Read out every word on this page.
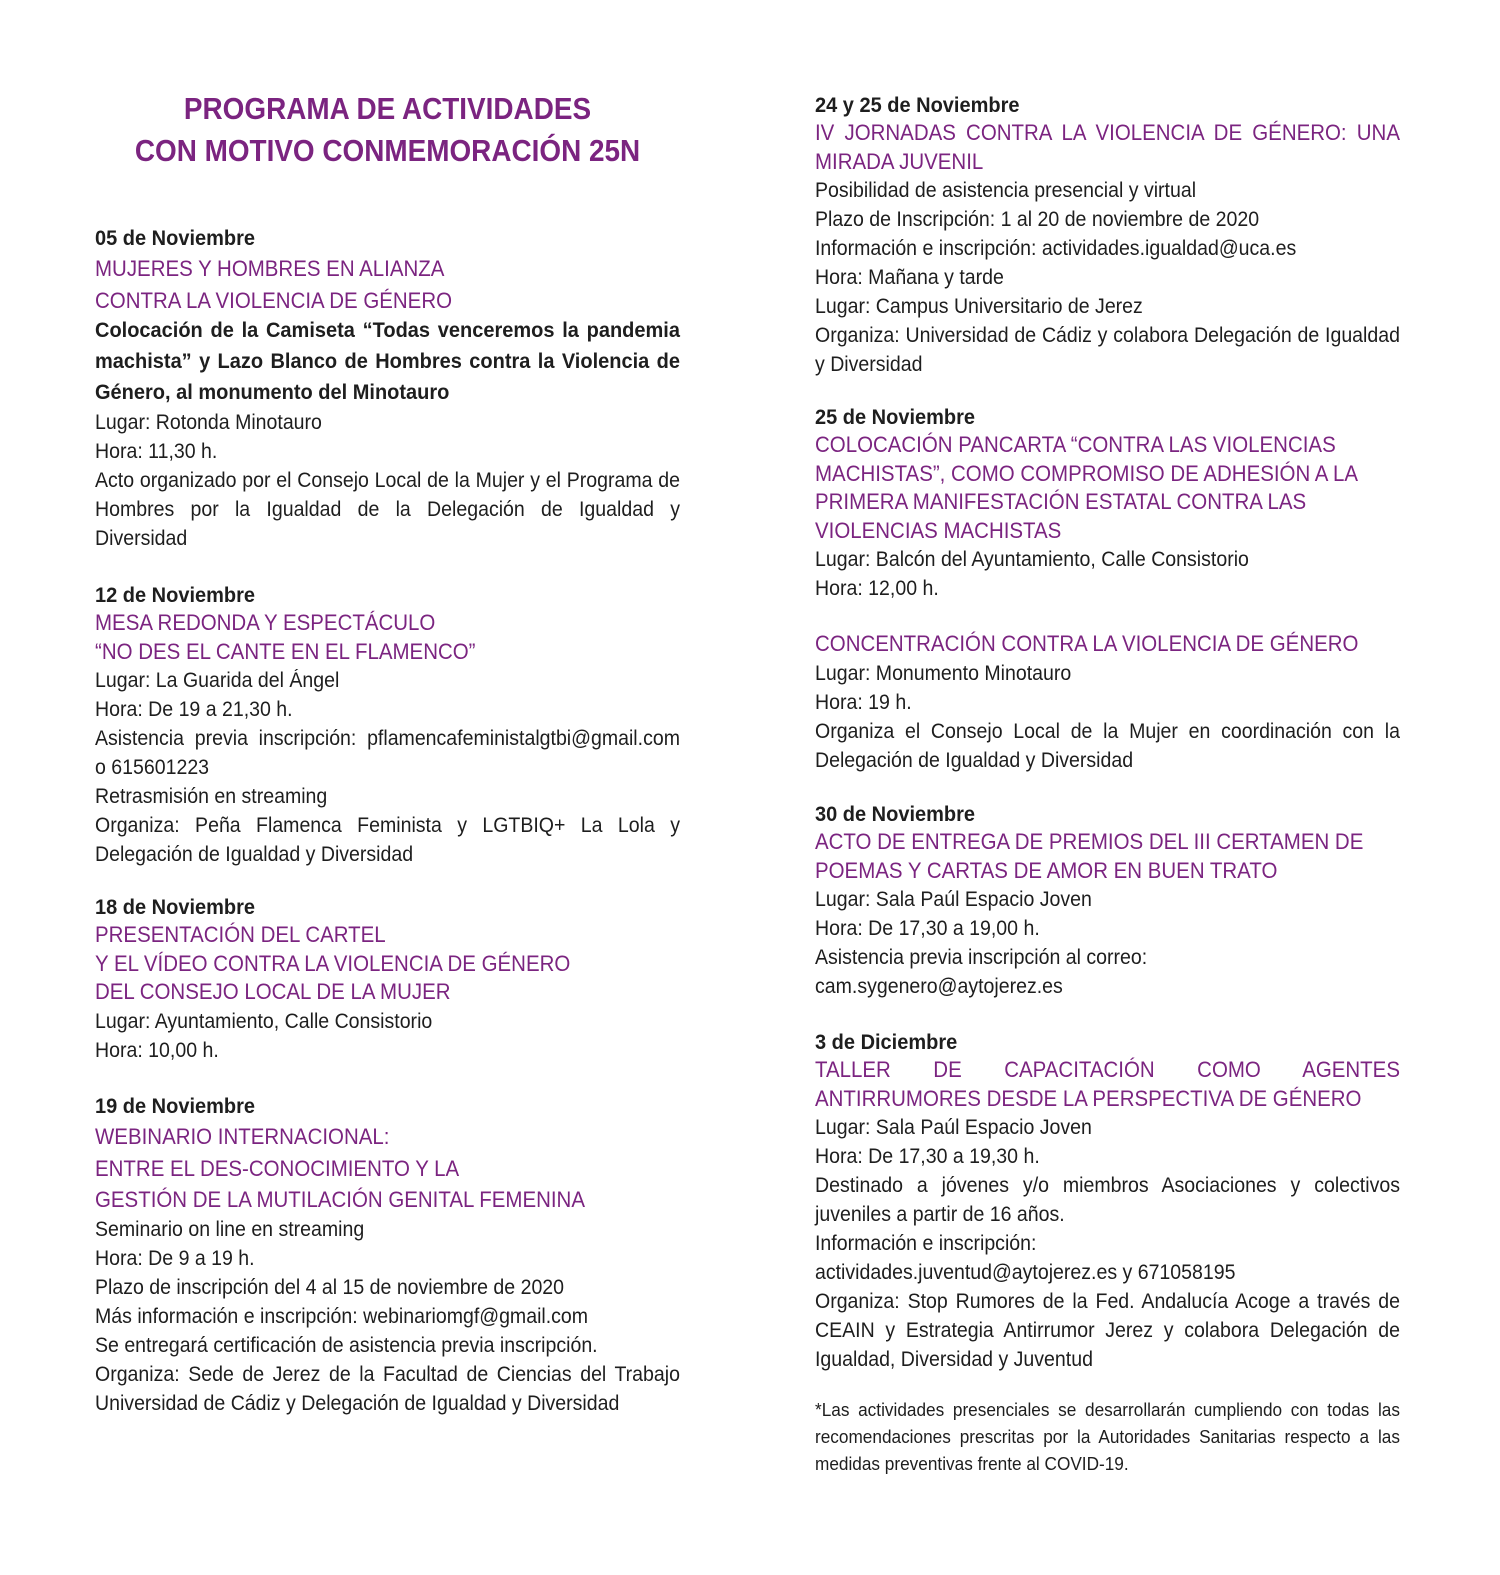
PROGRAMA DE ACTIVIDADES
CON MOTIVO CONMEMORACIÓN 25N
05 de Noviembre
MUJERES Y HOMBRES EN ALIANZA
CONTRA LA VIOLENCIA DE GÉNERO
Colocación de la Camiseta “Todas venceremos la pandemia machista” y Lazo Blanco de Hombres contra la Violencia de Género, al monumento del Minotauro
Lugar: Rotonda Minotauro
Hora: 11,30 h.
Acto organizado por el Consejo Local de la Mujer y el Programa de Hombres por la Igualdad de la Delegación de Igualdad y Diversidad
12 de Noviembre
MESA REDONDA Y ESPECTÁCULO
“NO DES EL CANTE EN EL FLAMENCO”
Lugar: La Guarida del Ángel
Hora: De 19 a 21,30 h.
Asistencia previa inscripción: pflamencafeministalgtbi@gmail.com o 615601223
Retrasmisión en streaming
Organiza: Peña Flamenca Feminista y LGTBIQ+ La Lola y Delegación de Igualdad y Diversidad
18 de Noviembre
PRESENTACIÓN DEL CARTEL
Y EL VÍDEO CONTRA LA VIOLENCIA DE GÉNERO
DEL CONSEJO LOCAL DE LA MUJER
Lugar: Ayuntamiento, Calle Consistorio
Hora: 10,00 h.
19 de Noviembre
WEBINARIO INTERNACIONAL:
ENTRE EL DES-CONOCIMIENTO Y LA
GESTIÓN DE LA MUTILACIÓN GENITAL FEMENINA
Seminario on line en streaming
Hora: De 9 a 19 h.
Plazo de inscripción del 4 al 15 de noviembre de 2020
Más información e inscripción: webinariomgf@gmail.com
Se entregará certificación de asistencia previa inscripción.
Organiza: Sede de Jerez de la Facultad de Ciencias del Trabajo Universidad de Cádiz y Delegación de Igualdad y Diversidad
24 y 25 de Noviembre
IV JORNADAS CONTRA LA VIOLENCIA DE GÉNERO: UNA MIRADA JUVENIL
Posibilidad de asistencia presencial y virtual
Plazo de Inscripción: 1 al 20 de noviembre de 2020
Información e inscripción: actividades.igualdad@uca.es
Hora: Mañana y tarde
Lugar: Campus Universitario de Jerez
Organiza: Universidad de Cádiz y colabora Delegación de Igualdad y Diversidad
25 de Noviembre
COLOCACIÓN PANCARTA “CONTRA LAS VIOLENCIAS MACHISTAS”, COMO COMPROMISO DE ADHESIÓN A LA PRIMERA MANIFESTACIÓN ESTATAL CONTRA LAS VIOLENCIAS MACHISTAS
Lugar: Balcón del Ayuntamiento, Calle Consistorio
Hora: 12,00 h.
CONCENTRACIÓN CONTRA LA VIOLENCIA DE GÉNERO
Lugar: Monumento Minotauro
Hora: 19 h.
Organiza el Consejo Local de la Mujer en coordinación con la Delegación de Igualdad y Diversidad
30 de Noviembre
ACTO DE ENTREGA DE PREMIOS DEL III CERTAMEN DE POEMAS Y CARTAS DE AMOR EN BUEN TRATO
Lugar: Sala Paúl Espacio Joven
Hora: De 17,30 a 19,00 h.
Asistencia previa inscripción al correo:
cam.sygenero@aytojerez.es
3 de Diciembre
TALLER DE CAPACITACIÓN COMO AGENTES ANTIRRUMORES DESDE LA PERSPECTIVA DE GÉNERO
Lugar: Sala Paúl Espacio Joven
Hora: De 17,30 a 19,30 h.
Destinado a jóvenes y/o miembros Asociaciones y colectivos juveniles a partir de 16 años.
Información e inscripción:
actividades.juventud@aytojerez.es y 671058195
Organiza: Stop Rumores de la Fed. Andalucía Acoge a través de CEAIN y Estrategia Antirrumor Jerez y colabora Delegación de Igualdad, Diversidad y Juventud
*Las actividades presenciales se desarrollarán cumpliendo con todas las recomendaciones prescritas por la Autoridades Sanitarias respecto a las medidas preventivas frente al COVID-19.
